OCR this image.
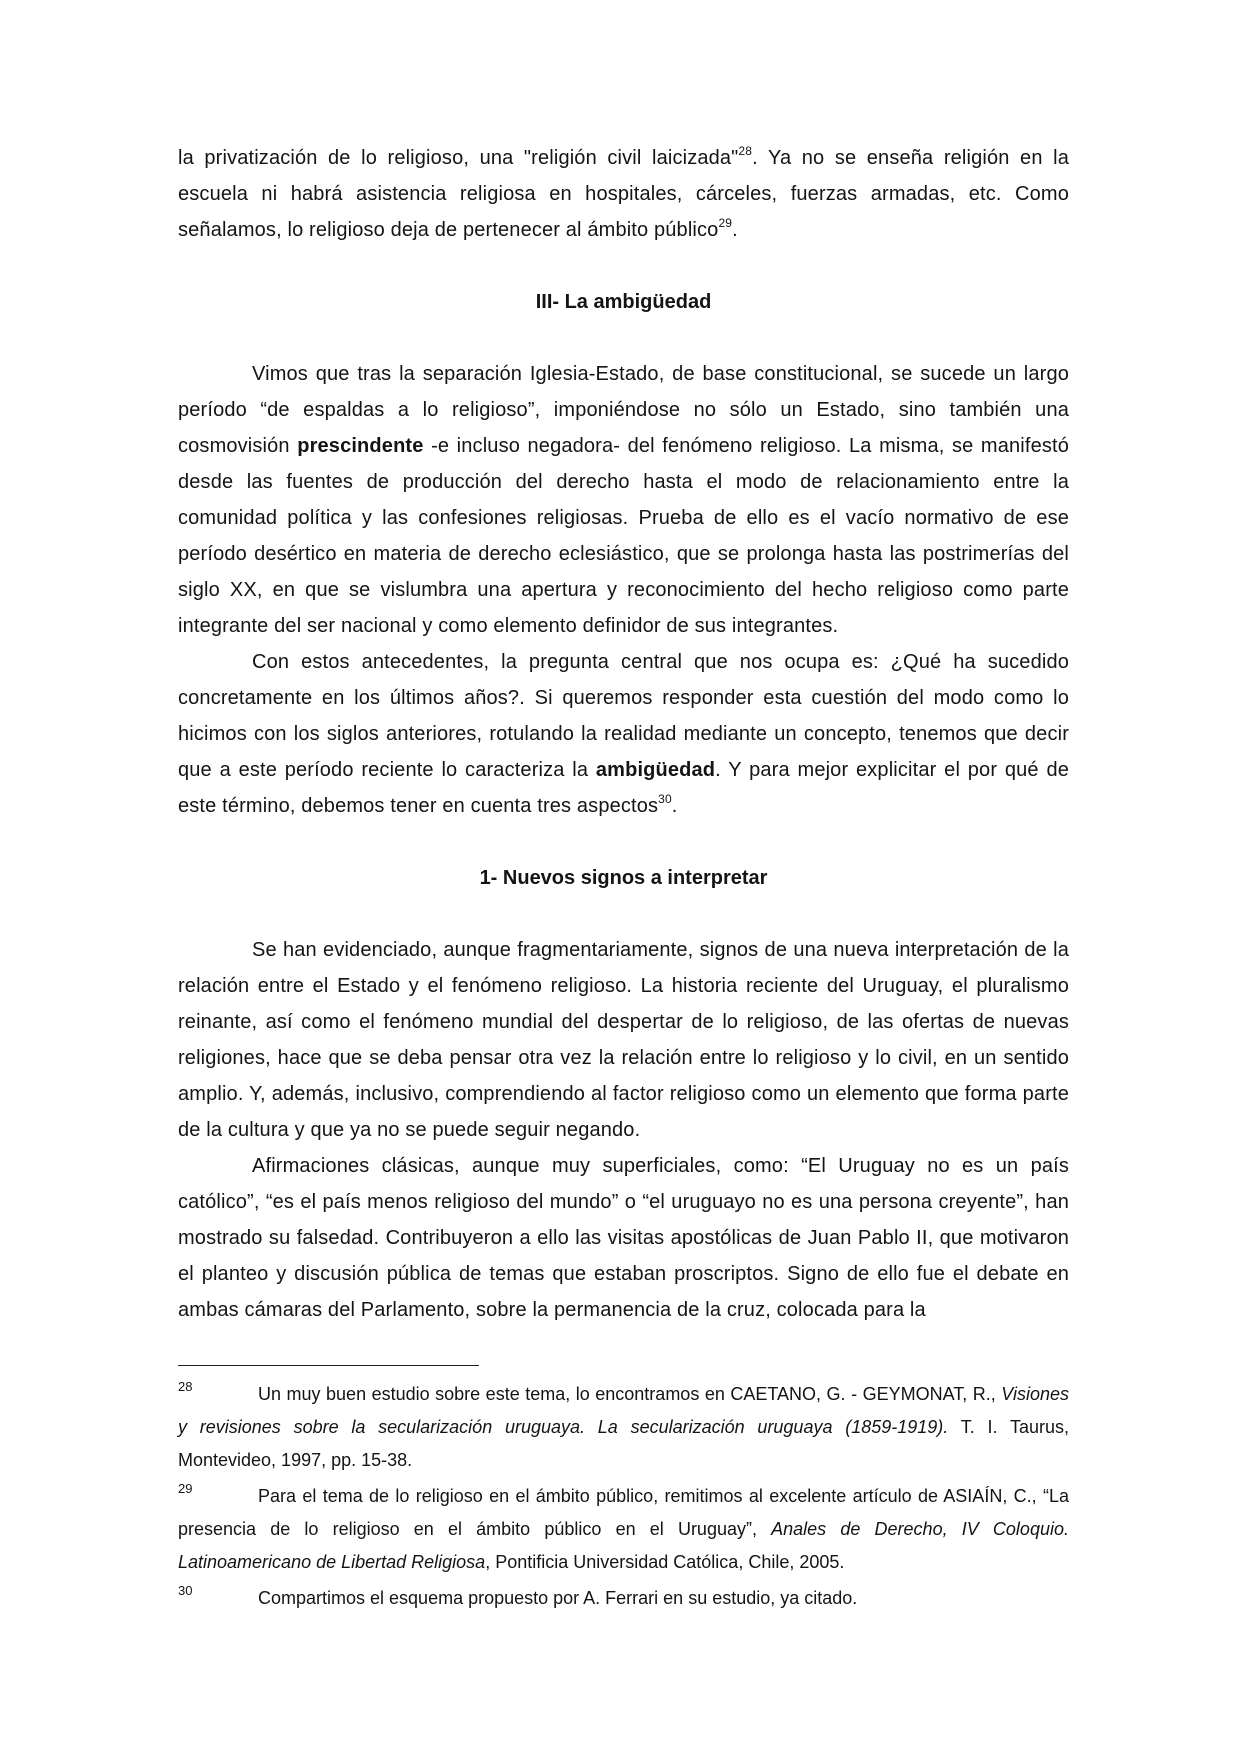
la privatización de lo religioso, una "religión civil laicizada"$^{28}$. Ya no se enseña religión en la escuela ni habrá asistencia religiosa en hospitales, cárceles, fuerzas armadas, etc. Como señalamos, lo religioso deja de pertenecer al ámbito público$^{29}$.

III- La ambigüedad

Vimos que tras la separación Iglesia-Estado, de base constitucional, se sucede un largo período “de espaldas a lo religioso”, imponiéndose no sólo un Estado, sino también una cosmovisión prescindente -e incluso negadora- del fenómeno religioso. La misma, se manifestó desde las fuentes de producción del derecho hasta el modo de relacionamiento entre la comunidad política y las confesiones religiosas. Prueba de ello es el vacío normativo de ese período desértico en materia de derecho eclesiástico, que se prolonga hasta las postrimerías del siglo XX, en que se vislumbra una apertura y reconocimiento del hecho religioso como parte integrante del ser nacional y como elemento definidor de sus integrantes.

Con estos antecedentes, la pregunta central que nos ocupa es: ¿Qué ha sucedido concretamente en los últimos años?. Si queremos responder esta cuestión del modo como lo hicimos con los siglos anteriores, rotulando la realidad mediante un concepto, tenemos que decir que a este período reciente lo caracteriza la ambigüedad. Y para mejor explicitar el por qué de este término, debemos tener en cuenta tres aspectos$^{30}$.

1- Nuevos signos a interpretar

Se han evidenciado, aunque fragmentariamente, signos de una nueva interpretación de la relación entre el Estado y el fenómeno religioso. La historia reciente del Uruguay, el pluralismo reinante, así como el fenómeno mundial del despertar de lo religioso, de las ofertas de nuevas religiones, hace que se deba pensar otra vez la relación entre lo religioso y lo civil, en un sentido amplio. Y, además, inclusivo, comprendiendo al factor religioso como un elemento que forma parte de la cultura y que ya no se puede seguir negando.

Afirmaciones clásicas, aunque muy superficiales, como: “El Uruguay no es un país católico”, “es el país menos religioso del mundo” o “el uruguayo no es una persona creyente”, han mostrado su falsedad. Contribuyeron a ello las visitas apostólicas de Juan Pablo II, que motivaron el planteo y discusión pública de temas que estaban proscriptos. Signo de ello fue el debate en ambas cámaras del Parlamento, sobre la permanencia de la cruz, colocada para la

28	Un muy buen estudio sobre este tema, lo encontramos en CAETANO, G. - GEYMONAT, R., Visiones y revisiones sobre la secularización uruguaya. La secularización uruguaya (1859-1919). T. I. Taurus, Montevideo, 1997, pp. 15-38.

29	Para el tema de lo religioso en el ámbito público, remitimos al excelente artículo de ASIAÍN, C., “La presencia de lo religioso en el ámbito público en el Uruguay”, Anales de Derecho, IV Coloquio. Latinoamericano de Libertad Religiosa, Pontificia Universidad Católica, Chile, 2005.

30	Compartimos el esquema propuesto por A. Ferrari en su estudio, ya citado.
